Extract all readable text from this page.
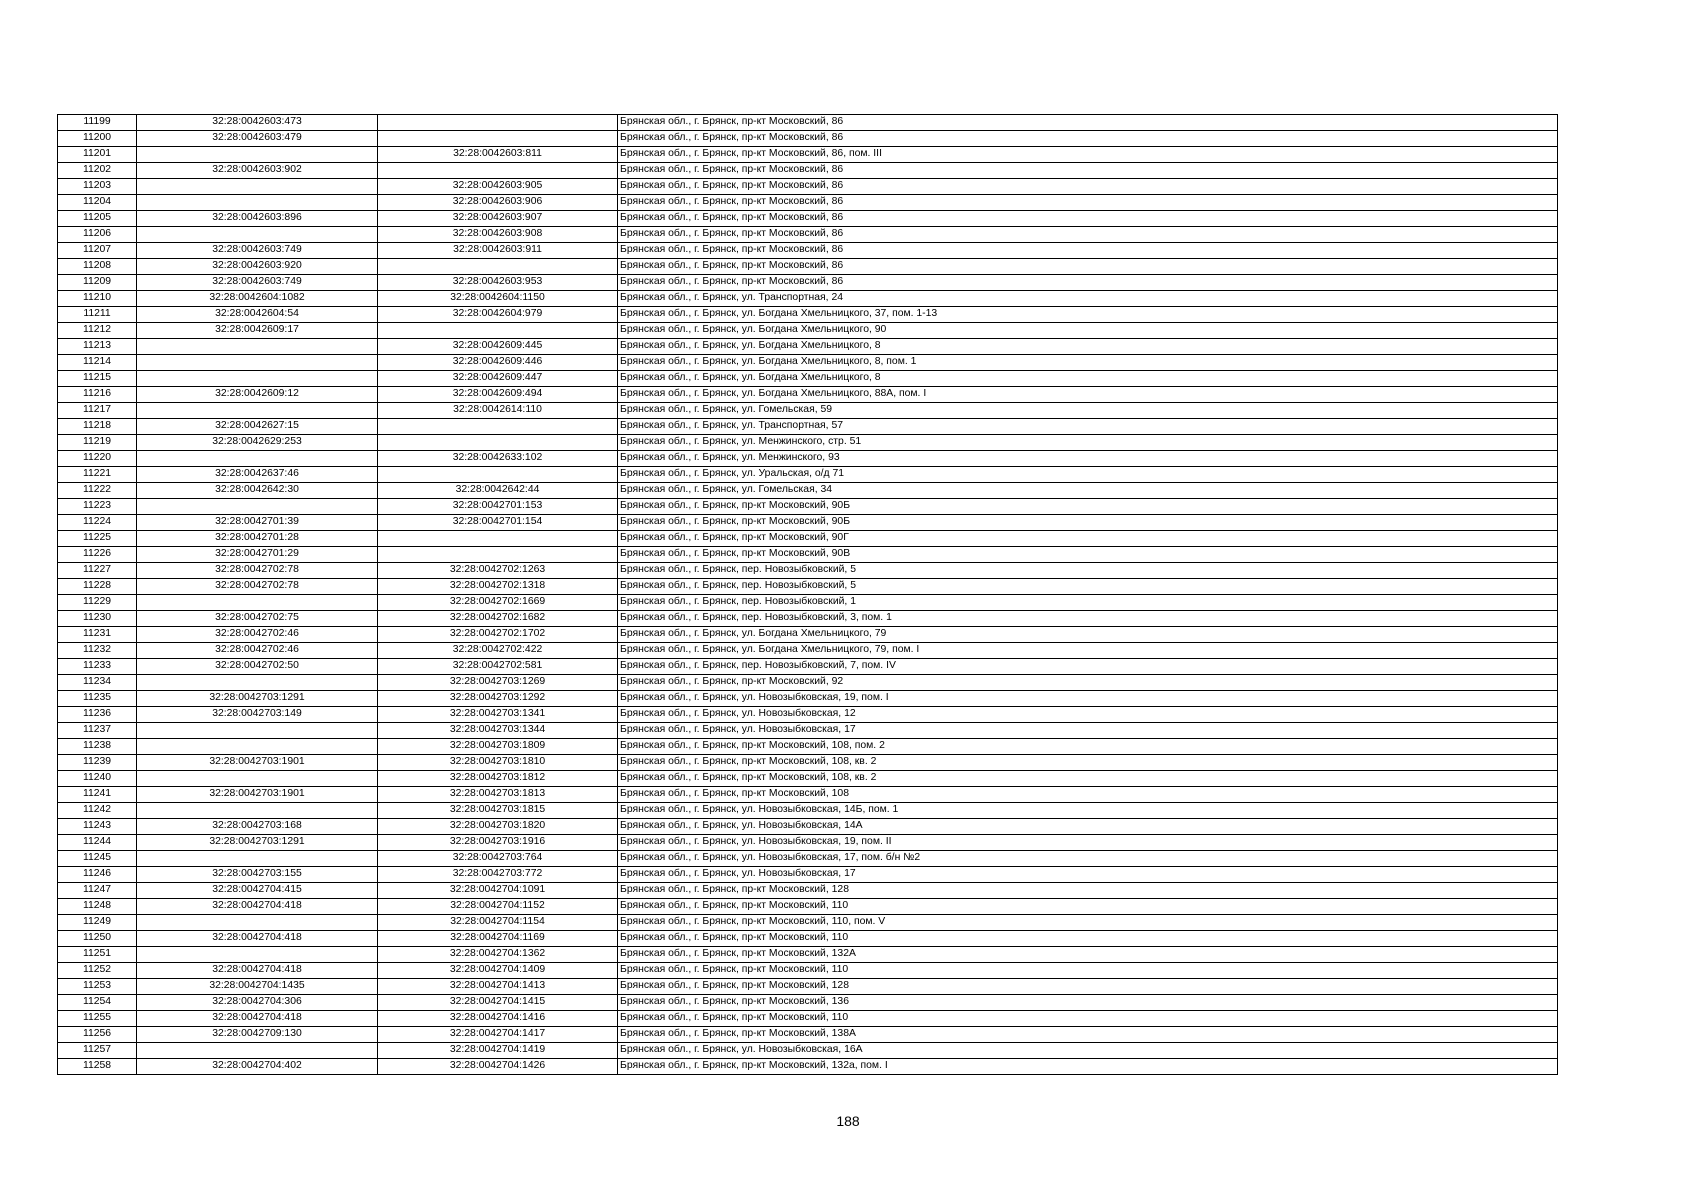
11199	32:28:0042603:473		Брянская обл., г. Брянск, пр-кт Московский, 86
11200	32:28:0042603:479		Брянская обл., г. Брянск, пр-кт Московский, 86
11201		32:28:0042603:811	Брянская обл., г. Брянск, пр-кт Московский, 86, пом. III
11202	32:28:0042603:902		Брянская обл., г. Брянск, пр-кт Московский, 86
11203		32:28:0042603:905	Брянская обл., г. Брянск, пр-кт Московский, 86
11204		32:28:0042603:906	Брянская обл., г. Брянск, пр-кт Московский, 86
11205	32:28:0042603:896	32:28:0042603:907	Брянская обл., г. Брянск, пр-кт Московский, 86
11206		32:28:0042603:908	Брянская обл., г. Брянск, пр-кт Московский, 86
11207	32:28:0042603:749	32:28:0042603:911	Брянская обл., г. Брянск, пр-кт Московский, 86
11208	32:28:0042603:920		Брянская обл., г. Брянск, пр-кт Московский, 86
11209	32:28:0042603:749	32:28:0042603:953	Брянская обл., г. Брянск, пр-кт Московский, 86
11210	32:28:0042604:1082	32:28:0042604:1150	Брянская обл., г. Брянск, ул. Транспортная, 24
11211	32:28:0042604:54	32:28:0042604:979	Брянская обл., г. Брянск, ул. Богдана Хмельницкого, 37, пом. 1-13
11212	32:28:0042609:17		Брянская обл., г. Брянск, ул. Богдана Хмельницкого, 90
11213		32:28:0042609:445	Брянская обл., г. Брянск, ул. Богдана Хмельницкого, 8
11214		32:28:0042609:446	Брянская обл., г. Брянск, ул. Богдана Хмельницкого, 8, пом. 1
11215		32:28:0042609:447	Брянская обл., г. Брянск, ул. Богдана Хмельницкого, 8
11216	32:28:0042609:12	32:28:0042609:494	Брянская обл., г. Брянск, ул. Богдана Хмельницкого, 88А, пом. I
11217		32:28:0042614:110	Брянская обл., г. Брянск, ул. Гомельская, 59
11218	32:28:0042627:15		Брянская обл., г. Брянск, ул. Транспортная, 57
11219	32:28:0042629:253		Брянская обл., г. Брянск, ул. Менжинского, стр. 51
11220		32:28:0042633:102	Брянская обл., г. Брянск, ул. Менжинского, 93
11221	32:28:0042637:46		Брянская обл., г. Брянск, ул. Уральская, о/д 71
11222	32:28:0042642:30	32:28:0042642:44	Брянская обл., г. Брянск, ул. Гомельская, 34
11223		32:28:0042701:153	Брянская обл., г. Брянск, пр-кт Московский, 90Б
11224	32:28:0042701:39	32:28:0042701:154	Брянская обл., г. Брянск, пр-кт Московский, 90Б
11225	32:28:0042701:28		Брянская обл., г. Брянск, пр-кт Московский, 90Г
11226	32:28:0042701:29		Брянская обл., г. Брянск, пр-кт Московский, 90В
11227	32:28:0042702:78	32:28:0042702:1263	Брянская обл., г. Брянск, пер. Новозыбковский, 5
11228	32:28:0042702:78	32:28:0042702:1318	Брянская обл., г. Брянск, пер. Новозыбковский, 5
11229		32:28:0042702:1669	Брянская обл., г. Брянск, пер. Новозыбковский, 1
11230	32:28:0042702:75	32:28:0042702:1682	Брянская обл., г. Брянск, пер. Новозыбковский, 3, пом. 1
11231	32:28:0042702:46	32:28:0042702:1702	Брянская обл., г. Брянск, ул. Богдана Хмельницкого, 79
11232	32:28:0042702:46	32:28:0042702:422	Брянская обл., г. Брянск, ул. Богдана Хмельницкого, 79, пом. I
11233	32:28:0042702:50	32:28:0042702:581	Брянская обл., г. Брянск, пер. Новозыбковский, 7, пом. IV
11234		32:28:0042703:1269	Брянская обл., г. Брянск, пр-кт Московский, 92
11235	32:28:0042703:1291	32:28:0042703:1292	Брянская обл., г. Брянск, ул. Новозыбковская, 19, пом. I
11236	32:28:0042703:149	32:28:0042703:1341	Брянская обл., г. Брянск, ул. Новозыбковская, 12
11237		32:28:0042703:1344	Брянская обл., г. Брянск, ул. Новозыбковская, 17
11238		32:28:0042703:1809	Брянская обл., г. Брянск, пр-кт Московский, 108, пом. 2
11239	32:28:0042703:1901	32:28:0042703:1810	Брянская обл., г. Брянск, пр-кт Московский, 108, кв. 2
11240		32:28:0042703:1812	Брянская обл., г. Брянск, пр-кт Московский, 108, кв. 2
11241	32:28:0042703:1901	32:28:0042703:1813	Брянская обл., г. Брянск, пр-кт Московский, 108
11242		32:28:0042703:1815	Брянская обл., г. Брянск, ул. Новозыбковская, 14Б, пом. 1
11243	32:28:0042703:168	32:28:0042703:1820	Брянская обл., г. Брянск, ул. Новозыбковская, 14А
11244	32:28:0042703:1291	32:28:0042703:1916	Брянская обл., г. Брянск, ул. Новозыбковская, 19, пом. II
11245		32:28:0042703:764	Брянская обл., г. Брянск, ул. Новозыбковская, 17, пом. б/н №2
11246	32:28:0042703:155	32:28:0042703:772	Брянская обл., г. Брянск, ул. Новозыбковская, 17
11247	32:28:0042704:415	32:28:0042704:1091	Брянская обл., г. Брянск, пр-кт Московский, 128
11248	32:28:0042704:418	32:28:0042704:1152	Брянская обл., г. Брянск, пр-кт Московский, 110
11249		32:28:0042704:1154	Брянская обл., г. Брянск, пр-кт Московский, 110, пом. V
11250	32:28:0042704:418	32:28:0042704:1169	Брянская обл., г. Брянск, пр-кт Московский, 110
11251		32:28:0042704:1362	Брянская обл., г. Брянск, пр-кт Московский, 132А
11252	32:28:0042704:418	32:28:0042704:1409	Брянская обл., г. Брянск, пр-кт Московский, 110
11253	32:28:0042704:1435	32:28:0042704:1413	Брянская обл., г. Брянск, пр-кт Московский, 128
11254	32:28:0042704:306	32:28:0042704:1415	Брянская обл., г. Брянск, пр-кт Московский, 136
11255	32:28:0042704:418	32:28:0042704:1416	Брянская обл., г. Брянск, пр-кт Московский, 110
11256	32:28:0042709:130	32:28:0042704:1417	Брянская обл., г. Брянск, пр-кт Московский, 138А
11257		32:28:0042704:1419	Брянская обл., г. Брянск, ул. Новозыбковская, 16А
11258	32:28:0042704:402	32:28:0042704:1426	Брянская обл., г. Брянск, пр-кт Московский, 132а, пом. I
188
